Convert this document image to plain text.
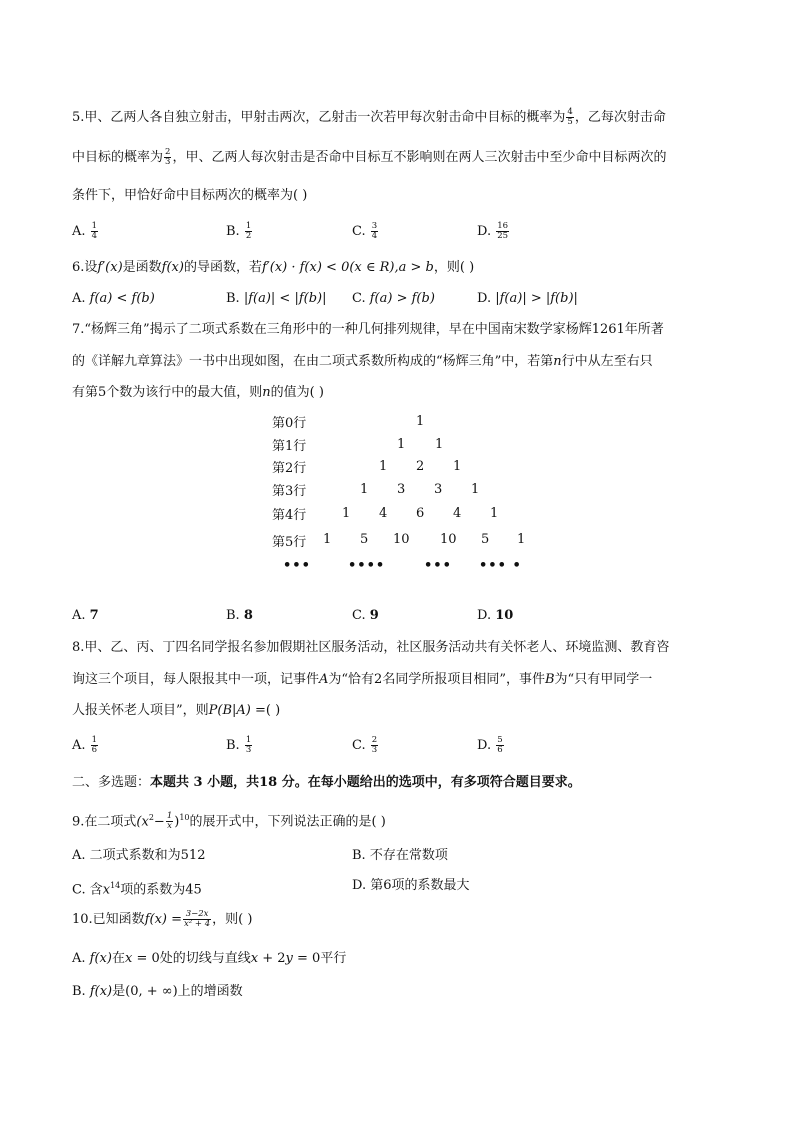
5.甲、乙两人各自独立射击，甲射击两次，乙射击一次若甲每次射击命中目标的概率为 $\frac{4}{5}$ ，乙每次射击命
中目标的概率为 $\frac{2}{3}$ ，甲、乙两人每次射击是否命中目标互不影响则在两人三次射击中至少命中目标两次的
条件下，甲恰好命中目标两次的概率为( )
A. $\frac{1}{4}$	B. $\frac{1}{2}$	C. $\frac{3}{4}$	D. $\frac{16}{25}$
6.设f′(x)是函数f(x)的导函数，若f′(x) · f(x) < 0(x ∈ R),a > b，则( )
A. f(a) < f(b)	B. |f(a)| < |f(b)| C. f(a) > f(b)	D. |f(a)| > |f(b)|
7.“杨辉三角”揭示了二项式系数在三角形中的一种几何排列规律，早在中国南宋数学家杨辉1261年所著
的《详解九章算法》一书中出现如图，在由二项式系数所构成的“杨辉三角”中，若第n行中从左至右只
有第5个数为该行中的最大值，则n的值为( )
第0行
第1行
第2行
第3行
第4行
第5行
1
1 1
1 2 1
1 3 3 1
1 4 6 4 1
1 5 10 10 5 1
•••	••••	••• ••• •
A. 7	B. 8	C. 9	D. 10
8.甲、乙、丙、丁四名同学报名参加假期社区服务活动，社区服务活动共有关怀老人、环境监测、教育咨
询这三个项目，每人限报其中一项，记事件A为“恰有2名同学所报项目相同”，事件B为“只有甲同学一
人报关怀老人项目”，则P(B|A) =( )
A. $\frac{1}{6}$	B. $\frac{1}{3}$	C. $\frac{2}{3}$	D. $\frac{5}{6}$
二、多选题：本题共 3 小题，共18 分。在每小题给出的选项中，有多项符合题目要求。
9.在二项式$(x^2- \frac{1}{x} )^{10}$的展开式中，下列说法正确的是( )
A. 二项式系数和为512	B. 不存在常数项
C. 含$x^{14}$项的系数为45	D. 第6项的系数最大
10.已知函数$f(x) = \frac{3-2x}{\text{x² + 4}}$ ，则( )
A. f(x)在x = 0处的切线与直线x + 2y = 0平行
B. f(x)是(0, + ∞)上的增函数
